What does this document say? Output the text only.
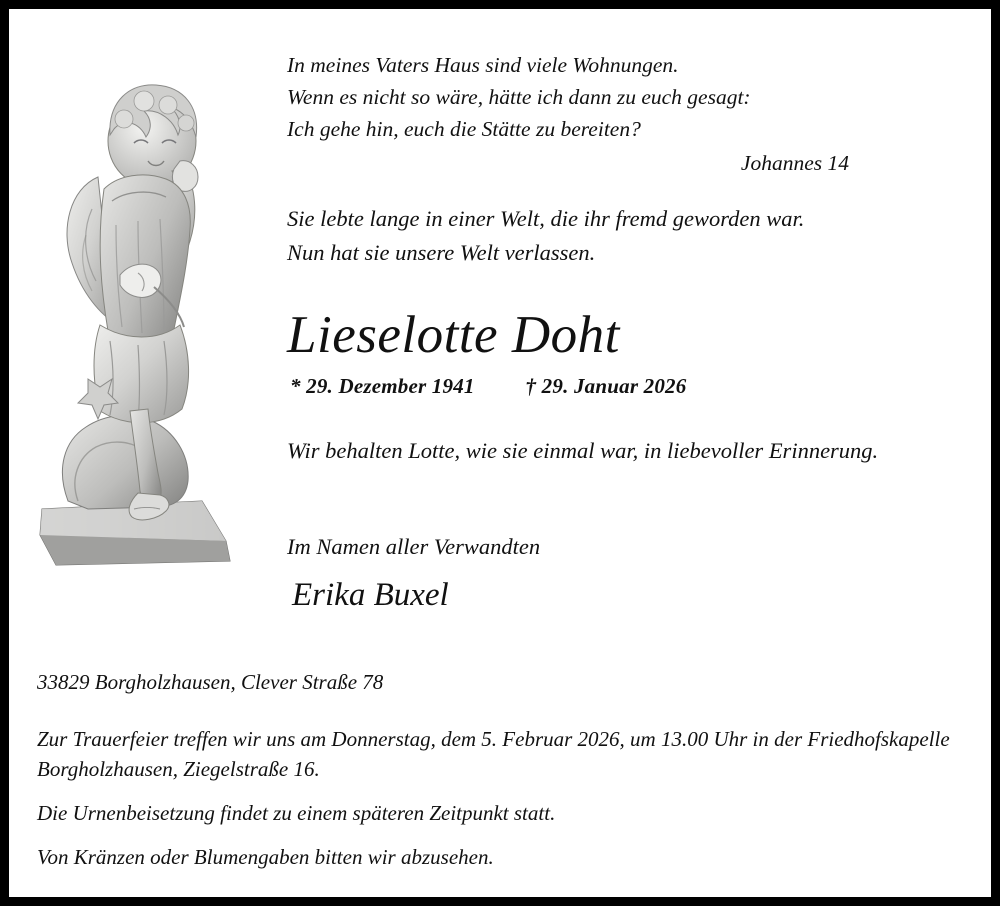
In meines Vaters Haus sind viele Wohnungen.
Wenn es nicht so wäre, hätte ich dann zu euch gesagt:
Ich gehe hin, euch die Stätte zu bereiten?
Johannes 14
Sie lebte lange in einer Welt, die ihr fremd geworden war.
Nun hat sie unsere Welt verlassen.
Lieselotte Doht
* 29. Dezember 1941 † 29. Januar 2026
Wir behalten Lotte, wie sie einmal war, in liebevoller Erinnerung.
Im Namen aller Verwandten
Erika Buxel
33829 Borgholzhausen, Clever Straße 78

Zur Trauerfeier treffen wir uns am Donnerstag, dem 5. Februar 2026, um 13.00 Uhr in der Friedhofskapelle Borgholzhausen, Ziegelstraße 16.

Die Urnenbeisetzung findet zu einem späteren Zeitpunkt statt.

Von Kränzen oder Blumengaben bitten wir abzusehen.
